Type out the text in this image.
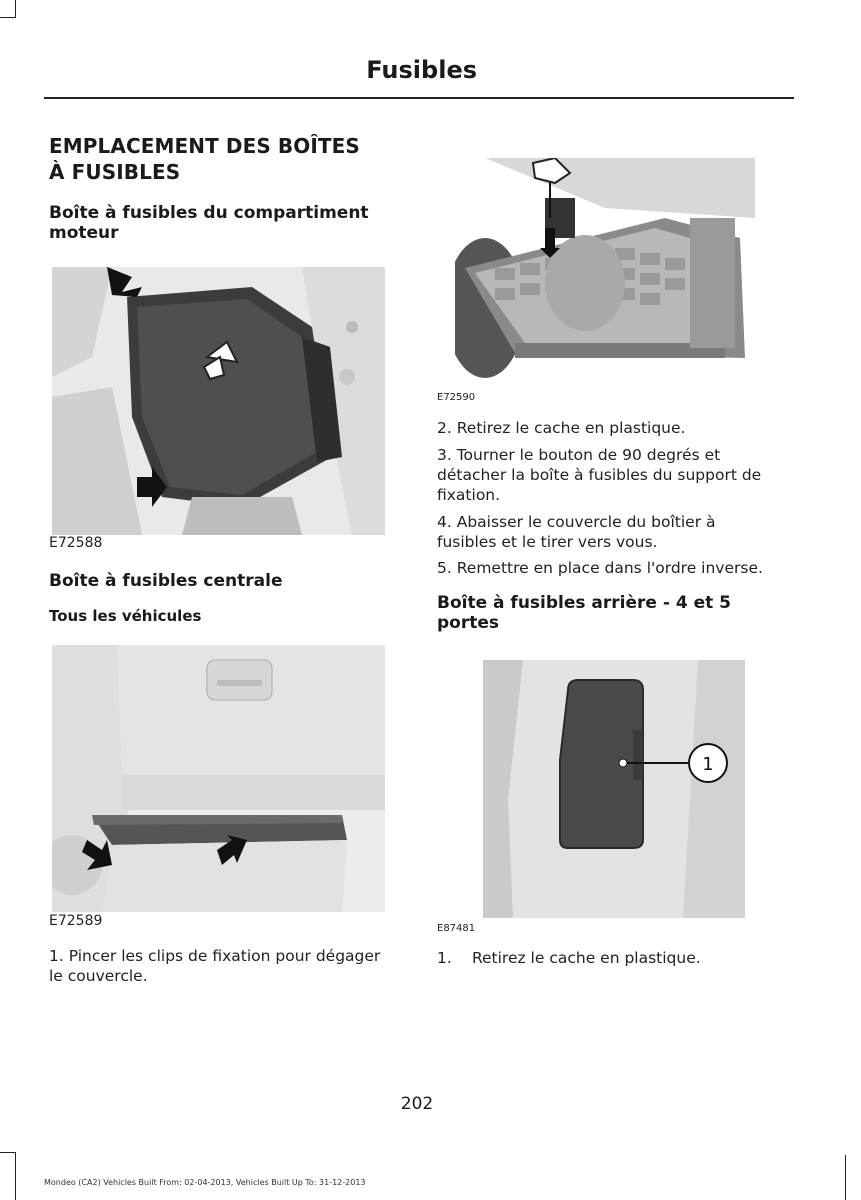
Fusibles
EMPLACEMENT DES BOÎTES
À FUSIBLES
Boîte à fusibles du compartiment
moteur
E72588
Boîte à fusibles centrale
Tous les véhicules
E72589
1. Pincer les clips de fixation pour dégager
le couvercle.
E72590
2. Retirez le cache en plastique.
3. Tourner le bouton de 90 degrés et
détacher la boîte à fusibles du support de
fixation.
4. Abaisser le couvercle du boîtier à
fusibles et le tirer vers vous.
5. Remettre en place dans l'ordre inverse.
Boîte à fusibles arrière - 4 et 5
portes
1
E87481
1. Retirez le cache en plastique.
202
Mondeo (CA2) Vehicles Built From: 02-04-2013, Vehicles Built Up To: 31-12-2013
